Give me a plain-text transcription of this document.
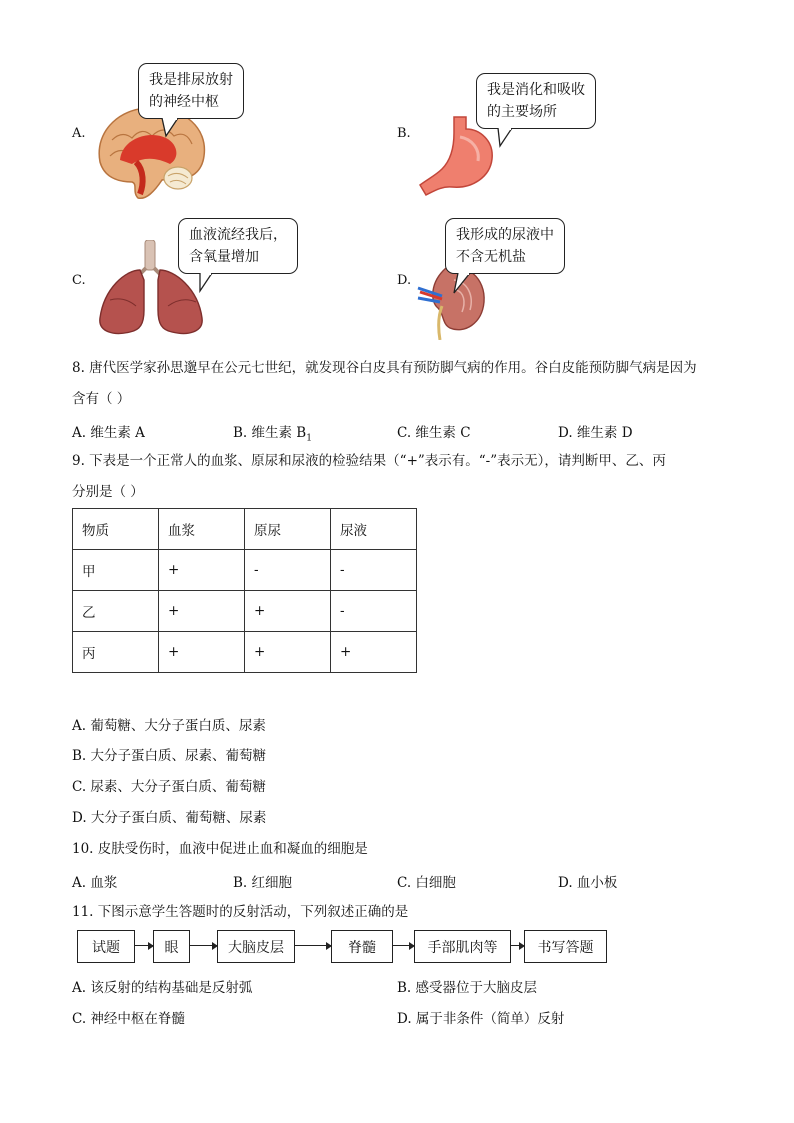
A.
我是排尿放射
的神经中枢
B.
我是消化和吸收
的主要场所
C.
血液流经我后，
含氧量增加
D.
我形成的尿液中
不含无机盐
8. 唐代医学家孙思邈早在公元七世纪，就发现谷白皮具有预防脚气病的作用。谷白皮能预防脚气病是因为
含有（ ）
A. 维生素 A	B. 维生素 $B_1$	C. 维生素 C	D. 维生素 D
9. 下表是一个正常人的血浆、原尿和尿液的检验结果（“+”表示有。“-”表示无），请判断甲、乙、丙
分别是（ ）
物质	血浆	原尿	尿液
甲	+	-	-
乙	+	+	-
丙	+	+	+
A. 葡萄糖、大分子蛋白质、尿素
B. 大分子蛋白质、尿素、葡萄糖
C. 尿素、大分子蛋白质、葡萄糖
D. 大分子蛋白质、葡萄糖、尿素
10. 皮肤受伤时，血液中促进止血和凝血的细胞是
A. 血浆	B. 红细胞	C. 白细胞	D. 血小板
11. 下图示意学生答题时的反射活动，下列叙述正确的是
试题	眼	大脑皮层	脊髓	手部肌肉等	书写答题
A. 该反射的结构基础是反射弧	B. 感受器位于大脑皮层
C. 神经中枢在脊髓	D. 属于非条件（简单）反射
